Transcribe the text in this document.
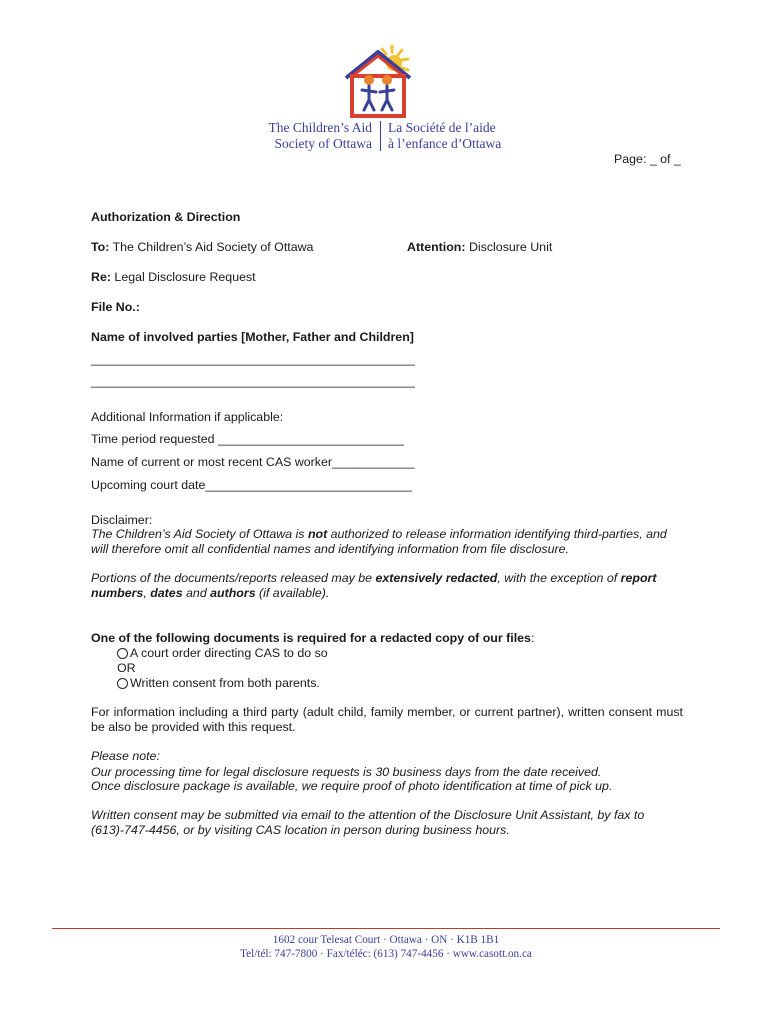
The Children’s Aid
Society of Ottawa
La Société de l’aide
à l’enfance d’Ottawa
Page: _ of _
Authorization & Direction
To: The Children’s Aid Society of Ottawa	Attention: Disclosure Unit
Re: Legal Disclosure Request
File No.:
Name of involved parties [Mother, Father and Children]
_______________________________________________
_______________________________________________
Additional Information if applicable:
Time period requested ___________________________
Name of current or most recent CAS worker____________
Upcoming court date______________________________
Disclaimer:
The Children’s Aid Society of Ottawa is not authorized to release information identifying third-parties, and will therefore omit all confidential names and identifying information from file disclosure.
Portions of the documents/reports released may be extensively redacted, with the exception of report numbers, dates and authors (if available).
One of the following documents is required for a redacted copy of our files:
A court order directing CAS to do so
OR
Written consent from both parents.
For information including a third party (adult child, family member, or current partner), written consent must be also be provided with this request.
Please note:
Our processing time for legal disclosure requests is 30 business days from the date received.
Once disclosure package is available, we require proof of photo identification at time of pick up.
Written consent may be submitted via email to the attention of the Disclosure Unit Assistant, by fax to (613)-747-4456, or by visiting CAS location in person during business hours.
1602 cour Telesat Court · Ottawa · ON · K1B 1B1
Tel/tél: 747-7800 · Fax/téléc: (613) 747-4456 · www.casott.on.ca
